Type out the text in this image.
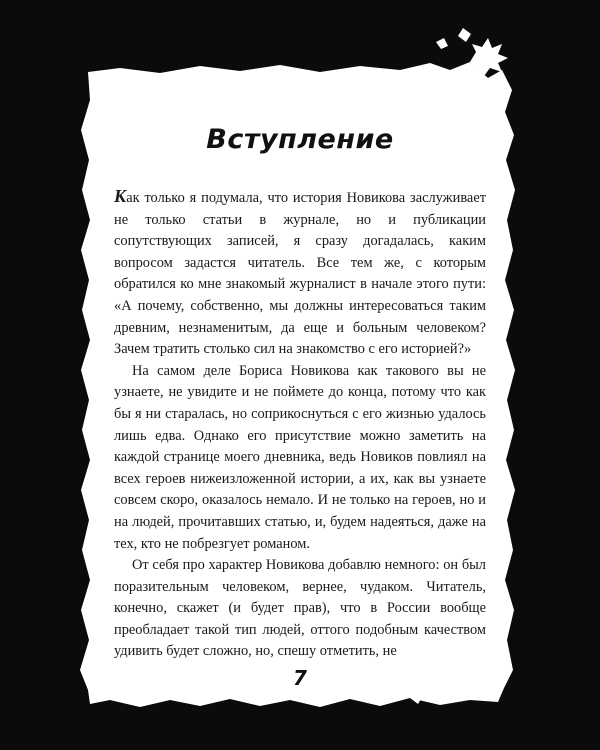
Вступление

Как только я подумала, что история Новикова заслуживает не только статьи в журнале, но и публикации сопутствующих записей, я сразу догадалась, каким вопросом задастся читатель. Все тем же, с которым обратился ко мне знакомый журналист в начале этого пути: «А почему, собственно, мы должны интересоваться таким древним, незнаменитым, да еще и больным человеком? Зачем тратить столько сил на знакомство с его историей?»

На самом деле Бориса Новикова как такового вы не узнаете, не увидите и не поймете до конца, потому что как бы я ни старалась, но соприкоснуться с его жизнью удалось лишь едва. Однако его присутствие можно заметить на каждой странице моего дневника, ведь Новиков повлиял на всех героев нижеизложенной истории, а их, как вы узнаете совсем скоро, оказалось немало. И не только на героев, но и на людей, прочитавших статью, и, будем надеяться, даже на тех, кто не побрезгует романом.

От себя про характер Новикова добавлю немного: он был поразительным человеком, вернее, чудаком. Читатель, конечно, скажет (и будет прав), что в России вообще преобладает такой тип людей, оттого подобным качеством удивить будет сложно, но, спешу отметить, не

7
